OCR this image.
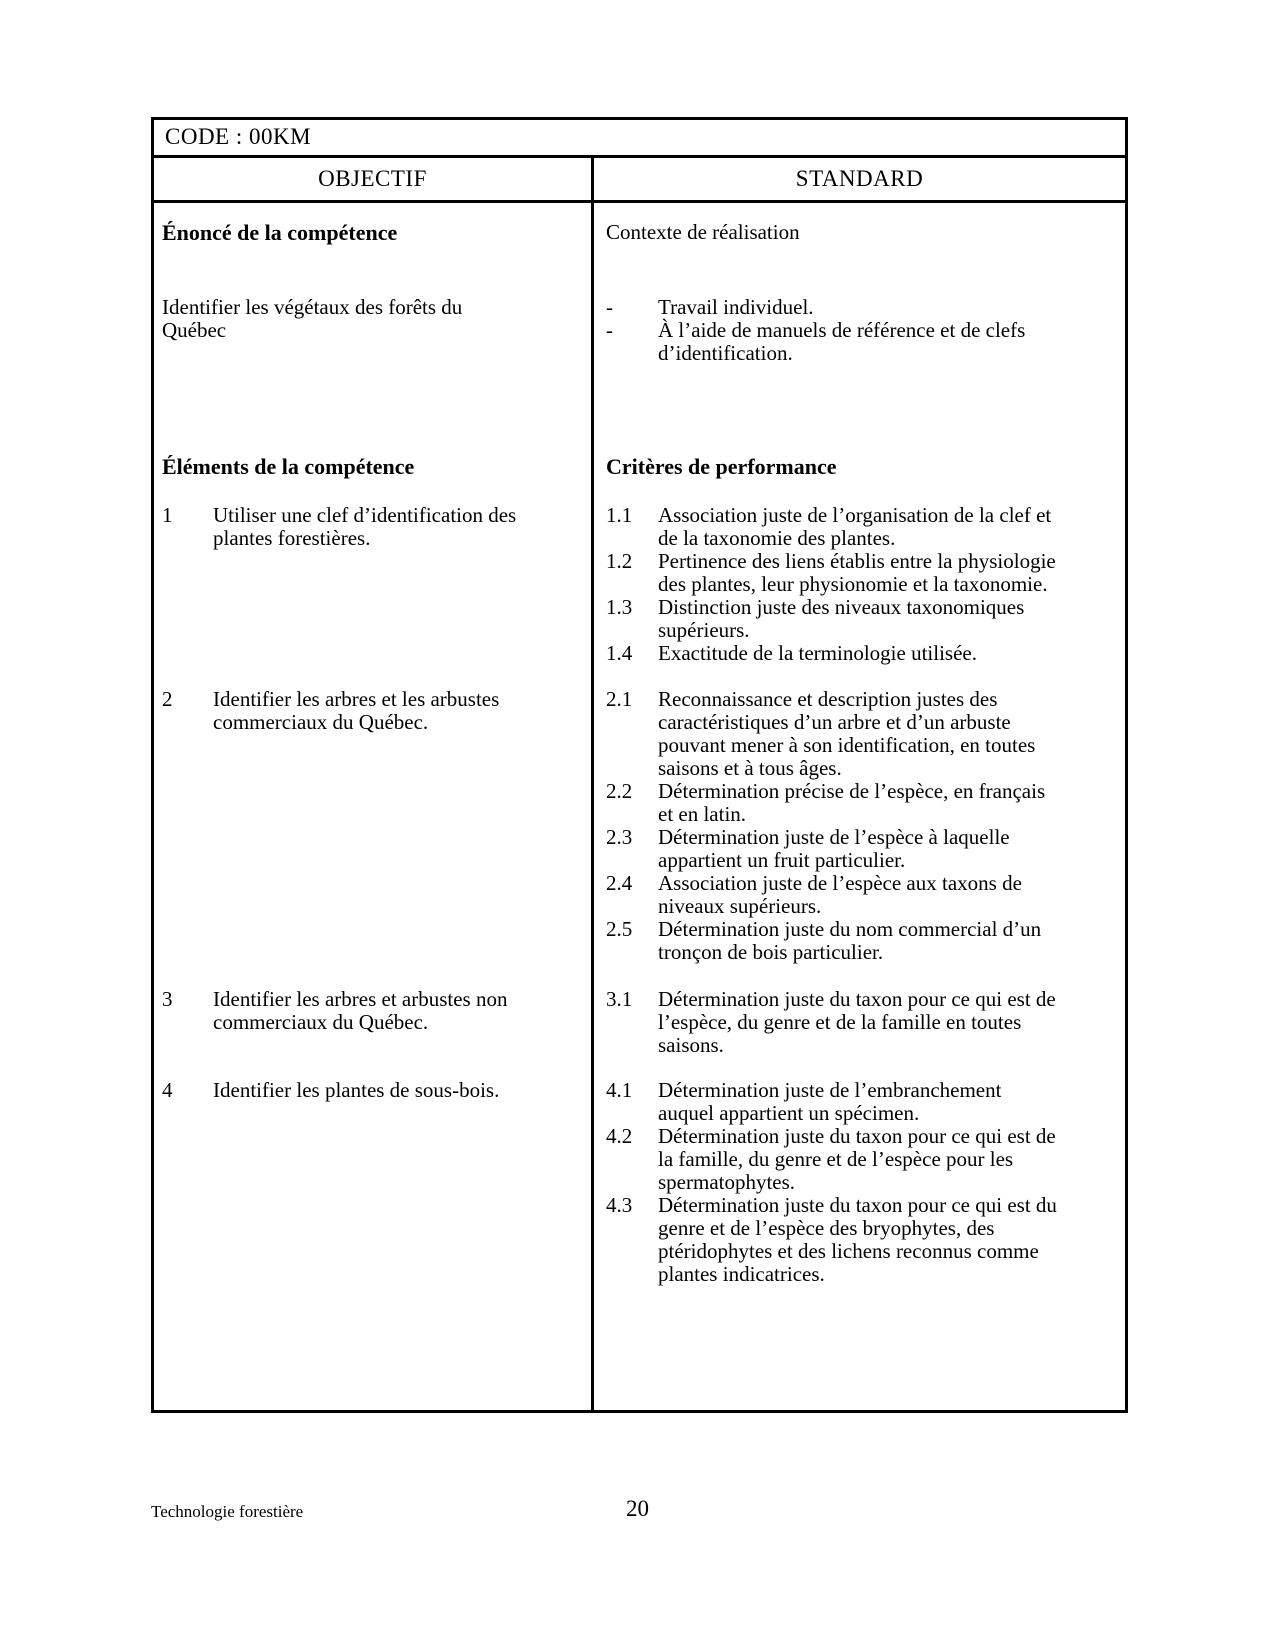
CODE : 00KM
OBJECTIF	STANDARD
Énoncé de la compétence
Identifier les végétaux des forêts du
Québec
Éléments de la compétence
1 Utiliser une clef d’identification des
plantes forestières.
2 Identifier les arbres et les arbustes
commerciaux du Québec.
3 Identifier les arbres et arbustes non
commerciaux du Québec.
4 Identifier les plantes de sous-bois.
Contexte de réalisation
- Travail individuel.
- À l’aide de manuels de référence et de clefs
d’identification.
Critères de performance
1.1 Association juste de l’organisation de la clef et
de la taxonomie des plantes.
1.2 Pertinence des liens établis entre la physiologie
des plantes, leur physionomie et la taxonomie.
1.3 Distinction juste des niveaux taxonomiques
supérieurs.
1.4 Exactitude de la terminologie utilisée.
2.1 Reconnaissance et description justes des
caractéristiques d’un arbre et d’un arbuste
pouvant mener à son identification, en toutes
saisons et à tous âges.
2.2 Détermination précise de l’espèce, en français
et en latin.
2.3 Détermination juste de l’espèce à laquelle
appartient un fruit particulier.
2.4 Association juste de l’espèce aux taxons de
niveaux supérieurs.
2.5 Détermination juste du nom commercial d’un
tronçon de bois particulier.
3.1 Détermination juste du taxon pour ce qui est de
l’espèce, du genre et de la famille en toutes
saisons.
4.1 Détermination juste de l’embranchement
auquel appartient un spécimen.
4.2 Détermination juste du taxon pour ce qui est de
la famille, du genre et de l’espèce pour les
spermatophytes.
4.3 Détermination juste du taxon pour ce qui est du
genre et de l’espèce des bryophytes, des
ptéridophytes et des lichens reconnus comme
plantes indicatrices.
Technologie forestière	20
